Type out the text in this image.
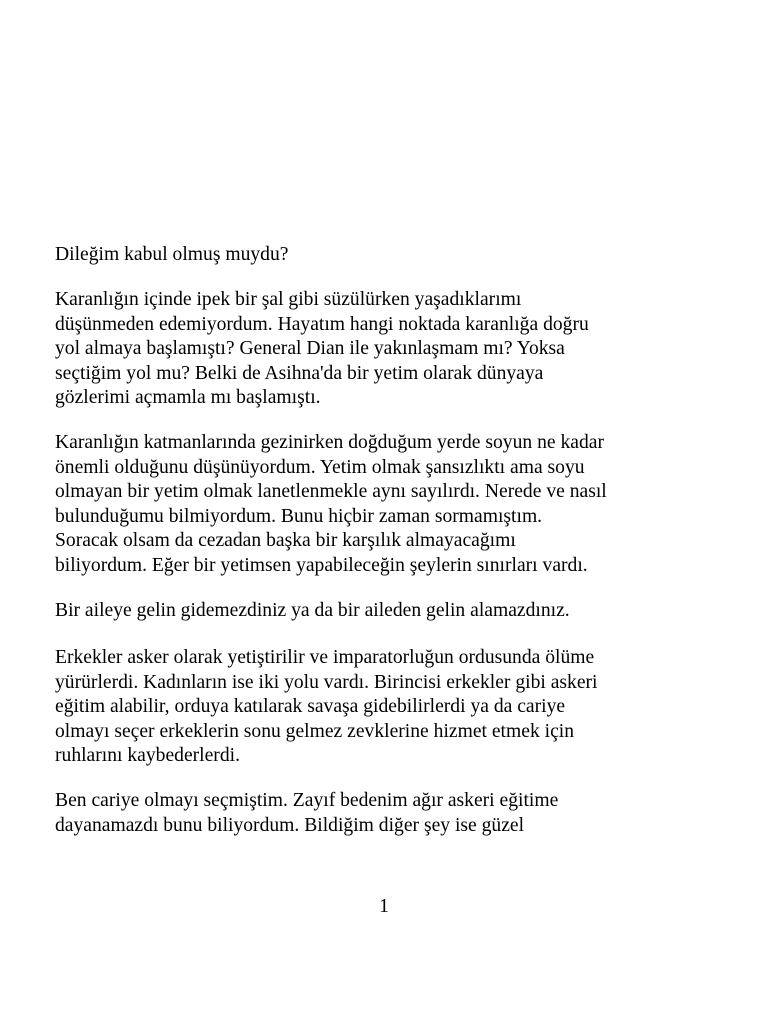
Dileğim kabul olmuş muydu?

Karanlığın içinde ipek bir şal gibi süzülürken yaşadıklarımı
düşünmeden edemiyordum. Hayatım hangi noktada karanlığa doğru
yol almaya başlamıştı? General Dian ile yakınlaşmam mı? Yoksa
seçtiğim yol mu? Belki de Asihna'da bir yetim olarak dünyaya
gözlerimi açmamla mı başlamıştı.

Karanlığın katmanlarında gezinirken doğduğum yerde soyun ne kadar
önemli olduğunu düşünüyordum. Yetim olmak şansızlıktı ama soyu
olmayan bir yetim olmak lanetlenmekle aynı sayılırdı. Nerede ve nasıl
bulunduğumu bilmiyordum. Bunu hiçbir zaman sormamıştım.
Soracak olsam da cezadan başka bir karşılık almayacağımı
biliyordum. Eğer bir yetimsen yapabileceğin şeylerin sınırları vardı.

Bir aileye gelin gidemezdiniz ya da bir aileden gelin alamazdınız.

Erkekler asker olarak yetiştirilir ve imparatorluğun ordusunda ölüme
yürürlerdi. Kadınların ise iki yolu vardı. Birincisi erkekler gibi askeri
eğitim alabilir, orduya katılarak savaşa gidebilirlerdi ya da cariye
olmayı seçer erkeklerin sonu gelmez zevklerine hizmet etmek için
ruhlarını kaybederlerdi.

Ben cariye olmayı seçmiştim. Zayıf bedenim ağır askeri eğitime
dayanamazdı bunu biliyordum. Bildiğim diğer şey ise güzel

1
